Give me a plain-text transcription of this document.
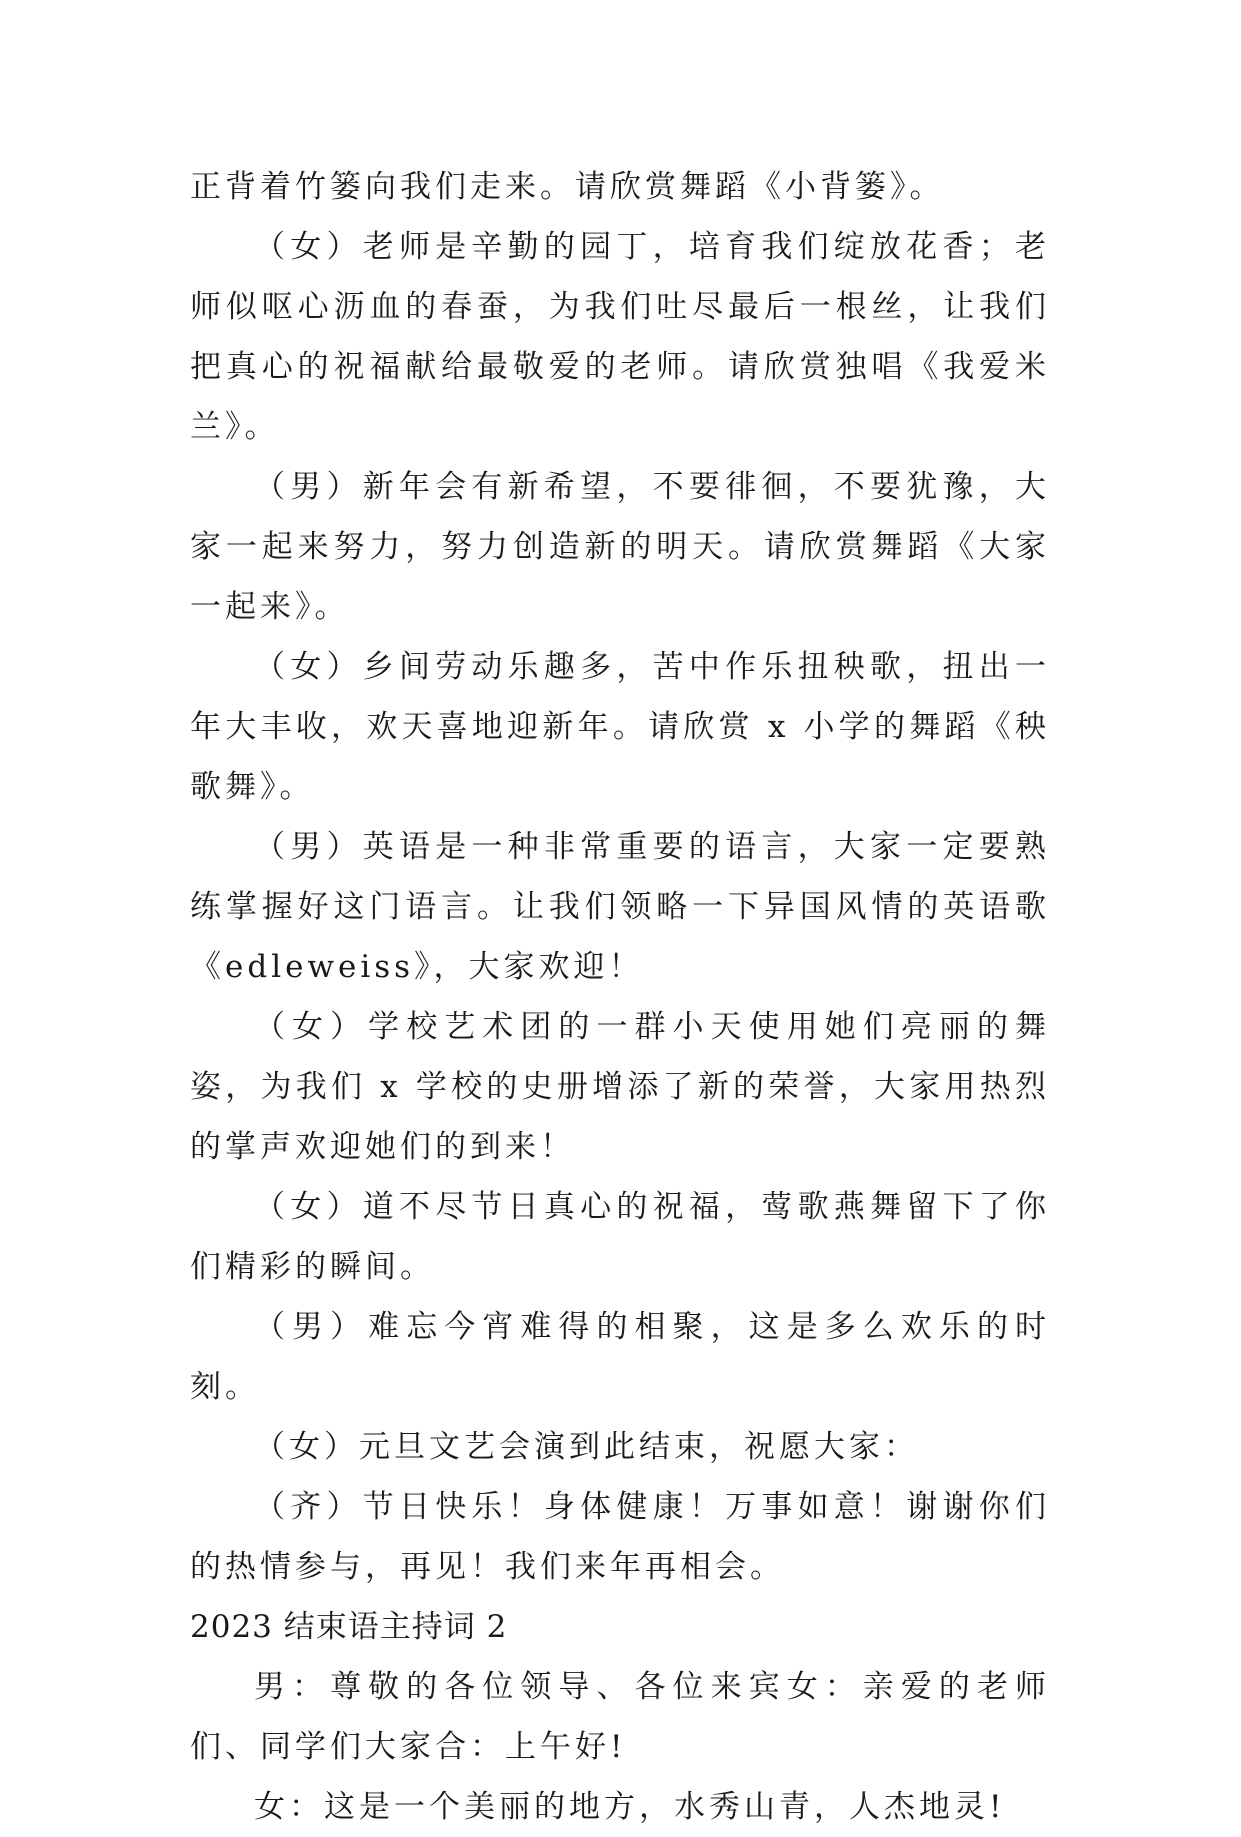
正背着竹篓向我们走来。请欣赏舞蹈《小背篓》。

（女）老师是辛勤的园丁，培育我们绽放花香；老师似呕心沥血的春蚕，为我们吐尽最后一根丝，让我们把真心的祝福献给最敬爱的老师。请欣赏独唱《我爱米兰》。

（男）新年会有新希望，不要徘徊，不要犹豫，大家一起来努力，努力创造新的明天。请欣赏舞蹈《大家一起来》。

（女）乡间劳动乐趣多，苦中作乐扭秧歌，扭出一年大丰收，欢天喜地迎新年。请欣赏 x 小学的舞蹈《秧歌舞》。

（男）英语是一种非常重要的语言，大家一定要熟练掌握好这门语言。让我们领略一下异国风情的英语歌《edleweiss》，大家欢迎！

（女）学校艺术团的一群小天使用她们亮丽的舞姿，为我们 x 学校的史册增添了新的荣誉，大家用热烈的掌声欢迎她们的到来！

（女）道不尽节日真心的祝福，莺歌燕舞留下了你们精彩的瞬间。

（男）难忘今宵难得的相聚，这是多么欢乐的时刻。

（女）元旦文艺会演到此结束，祝愿大家：

（齐）节日快乐！身体健康！万事如意！谢谢你们的热情参与，再见！我们来年再相会。

2023 结束语主持词 2

男：尊敬的各位领导、各位来宾女：亲爱的老师们、同学们大家合：上午好!

女：这是一个美丽的地方，水秀山青，人杰地灵!
